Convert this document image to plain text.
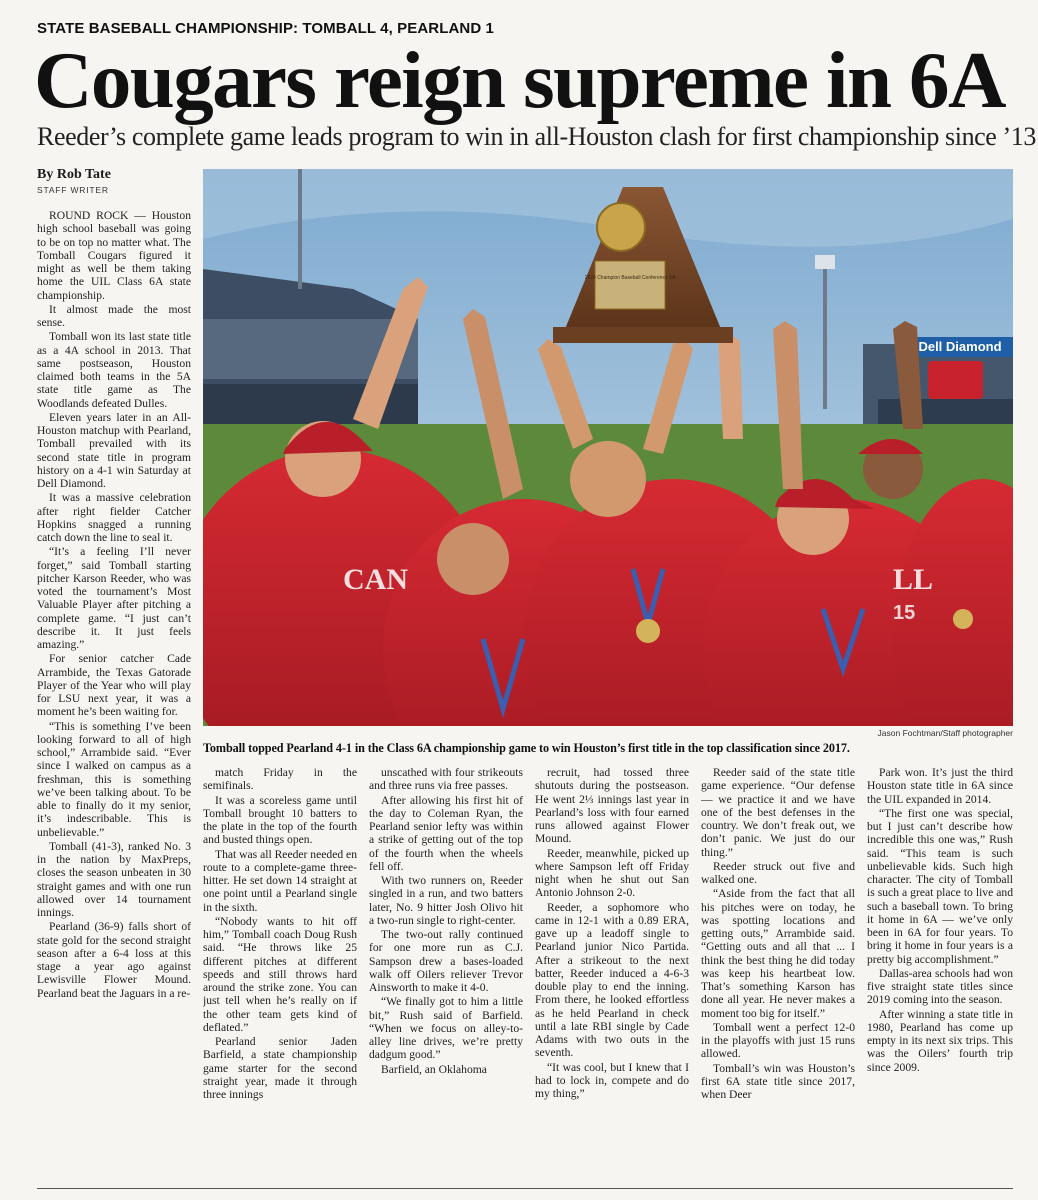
STATE BASEBALL CHAMPIONSHIP: TOMBALL 4, PEARLAND 1
Cougars reign supreme in 6A
Reeder’s complete game leads program to win in all-Houston clash for first championship since ’13
By Rob Tate
STAFF WRITER

ROUND ROCK — Houston high school baseball was going to be on top no matter what. The Tomball Cougars figured it might as well be them taking home the UIL Class 6A state championship.

It almost made the most sense.

Tomball won its last state title as a 4A school in 2013. That same postseason, Houston claimed both teams in the 5A state title game as The Woodlands defeated Dulles.

Eleven years later in an All-Houston matchup with Pearland, Tomball prevailed with its second state title in program history on a 4-1 win Saturday at Dell Diamond.

It was a massive celebration after right fielder Catcher Hopkins snagged a running catch down the line to seal it.

“It’s a feeling I’ll never forget,” said Tomball starting pitcher Karson Reeder, who was voted the tournament’s Most Valuable Player after pitching a complete game. “I just can’t describe it. It just feels amazing.”

For senior catcher Cade Arrambide, the Texas Gatorade Player of the Year who will play for LSU next year, it was a moment he’s been waiting for.

“This is something I’ve been looking forward to all of high school,” Arrambide said. “Ever since I walked on campus as a freshman, this is something we’ve been talking about. To be able to finally do it my senior, it’s indescribable. This is unbelievable.”

Tomball (41-3), ranked No. 3 in the nation by MaxPreps, closes the season unbeaten in 30 straight games and with one run allowed over 14 tournament innings.

Pearland (36-9) falls short of state gold for the second straight season after a 6-4 loss at this stage a year ago against Lewisville Flower Mound. Pearland beat the Jaguars in a re-

Dell Diamond
2024 Champion Baseball Conference 6A
CAN	LL
15
Jason Fochtman/Staff photographer
Tomball topped Pearland 4-1 in the Class 6A championship game to win Houston’s first title in the top classification since 2017.

match Friday in the semifinals.

It was a scoreless game until Tomball brought 10 batters to the plate in the top of the fourth and busted things open.

That was all Reeder needed en route to a complete-game three-hitter. He set down 14 straight at one point until a Pearland single in the sixth.

“Nobody wants to hit off him,” Tomball coach Doug Rush said. “He throws like 25 different pitches at different speeds and still throws hard around the strike zone. You can just tell when he’s really on if the other team gets kind of deflated.”

Pearland senior Jaden Barfield, a state championship game starter for the second straight year, made it through three innings

unscathed with four strikeouts and three runs via free passes.

After allowing his first hit of the day to Coleman Ryan, the Pearland senior lefty was within a strike of getting out of the top of the fourth when the wheels fell off.

With two runners on, Reeder singled in a run, and two batters later, No. 9 hitter Josh Olivo hit a two-run single to right-center.

The two-out rally continued for one more run as C.J. Sampson drew a bases-loaded walk off Oilers reliever Trevor Ainsworth to make it 4-0.

“We finally got to him a little bit,” Rush said of Barfield. “When we focus on alley-to-alley line drives, we’re pretty dadgum good.”

Barfield, an Oklahoma

recruit, had tossed three shutouts during the postseason. He went 2⅓ innings last year in Pearland’s loss with four earned runs allowed against Flower Mound.

Reeder, meanwhile, picked up where Sampson left off Friday night when he shut out San Antonio Johnson 2-0.

Reeder, a sophomore who came in 12-1 with a 0.89 ERA, gave up a leadoff single to Pearland junior Nico Partida. After a strikeout to the next batter, Reeder induced a 4-6-3 double play to end the inning. From there, he looked effortless as he held Pearland in check until a late RBI single by Cade Adams with two outs in the seventh.

“It was cool, but I knew that I had to lock in, compete and do my thing,”

Reeder said of the state title game experience. “Our defense — we practice it and we have one of the best defenses in the country. We don’t freak out, we don’t panic. We just do our thing.”

Reeder struck out five and walked one.

“Aside from the fact that all his pitches were on today, he was spotting locations and getting outs,” Arrambide said. “Getting outs and all that ... I think the best thing he did today was keep his heartbeat low. That’s something Karson has done all year. He never makes a moment too big for itself.”

Tomball went a perfect 12-0 in the playoffs with just 15 runs allowed.

Tomball’s win was Houston’s first 6A state title since 2017, when Deer

Park won. It’s just the third Houston state title in 6A since the UIL expanded in 2014.

“The first one was special, but I just can’t describe how incredible this one was,” Rush said. “This team is such unbelievable kids. Such high character. The city of Tomball is such a great place to live and such a baseball town. To bring it home in 6A — we’ve only been in 6A for four years. To bring it home in four years is a pretty big accomplishment.”

Dallas-area schools had won five straight state titles since 2019 coming into the season.

After winning a state title in 1980, Pearland has come up empty in its next six trips. This was the Oilers’ fourth trip since 2009.
